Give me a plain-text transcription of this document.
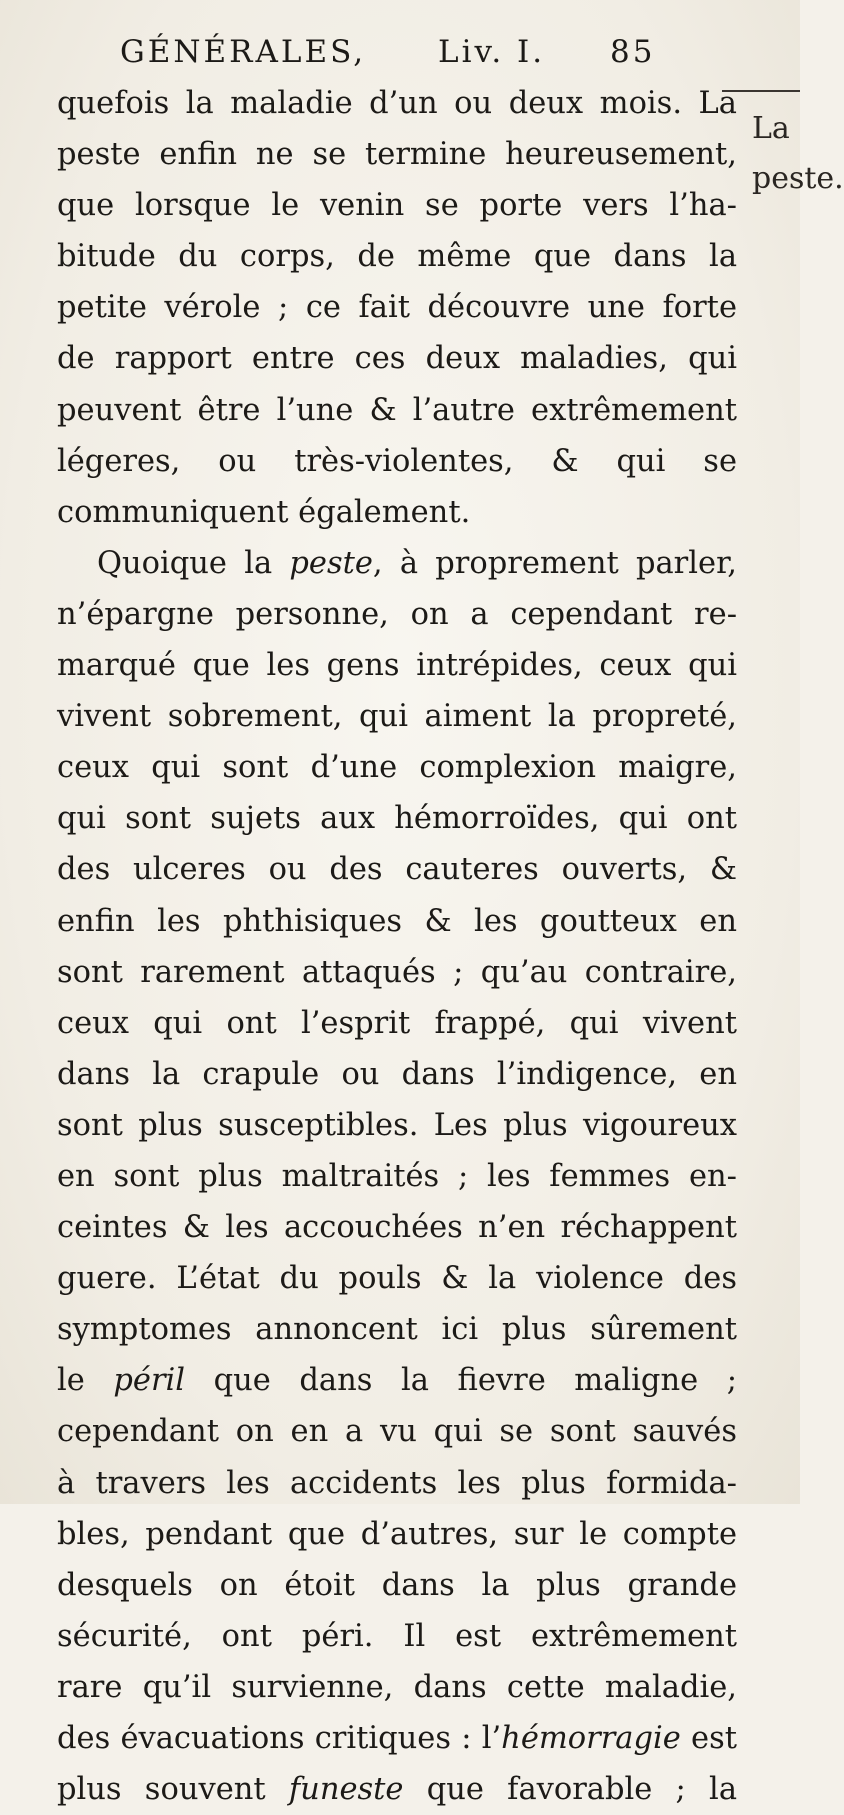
GÉNÉRALES, Liv. I. 85
La
peste.
quefois la maladie d’un ou deux mois. La
peste enfin ne se termine heureusement,
que lorsque le venin se porte vers l’ha-
bitude du corps, de même que dans la
petite vérole ; ce fait découvre une forte
de rapport entre ces deux maladies, qui
peuvent être l’une & l’autre extrêmement
légeres, ou très-violentes, & qui se
communiquent également.
Quoique la peste, à proprement parler,
n’épargne personne, on a cependant re-
marqué que les gens intrépides, ceux qui
vivent sobrement, qui aiment la propreté,
ceux qui sont d’une complexion maigre,
qui sont sujets aux hémorroïdes, qui ont
des ulceres ou des cauteres ouverts, &
enfin les phthisiques & les goutteux en
sont rarement attaqués ; qu’au contraire,
ceux qui ont l’esprit frappé, qui vivent
dans la crapule ou dans l’indigence, en
sont plus susceptibles. Les plus vigoureux
en sont plus maltraités ; les femmes en-
ceintes & les accouchées n’en réchappent
guere. L’état du pouls & la violence des
symptomes annoncent ici plus sûrement
le péril que dans la fievre maligne ;
cependant on en a vu qui se sont sauvés
à travers les accidents les plus formida-
bles, pendant que d’autres, sur le compte
desquels on étoit dans la plus grande
sécurité, ont péri. Il est extrêmement
rare qu’il survienne, dans cette maladie,
des évacuations critiques : l’hémorragie est
plus souvent funeste que favorable ; la
